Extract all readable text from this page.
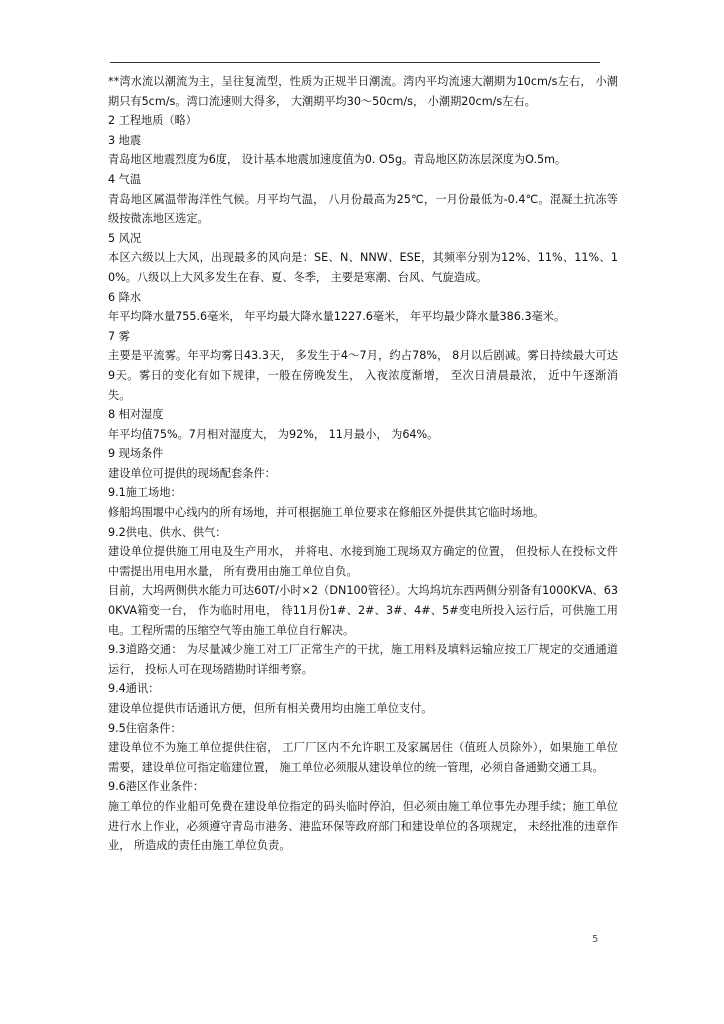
**湾水流以潮流为主，呈往复流型，性质为正规半日潮流。湾内平均流速大潮期为10cm/s左右， 小潮期只有5cm/s。湾口流速则大得多， 大潮期平均30～50cm/s， 小潮期20cm/s左右。

2 工程地质（略）

3 地震

青岛地区地震烈度为6度， 设计基本地震加速度值为0. O5g。青岛地区防冻层深度为O.5m。

4 气温

青岛地区属温带海洋性气候。月平均气温， 八月份最高为25℃，一月份最低为-0.4℃。混凝土抗冻等级按微冻地区选定。

5 风况

本区六级以上大风，出现最多的风向是：SE、N、NNW、ESE，其频率分别为12%、11%、11%、10%。八级以上大风多发生在春、夏、冬季， 主要是寒潮、台风、气旋造成。

6 降水

年平均降水量755.6毫米， 年平均最大降水量1227.6毫米， 年平均最少降水量386.3毫米。

7 雾

主要是平流雾。年平均雾日43.3天， 多发生于4～7月，约占78%， 8月以后剧减。雾日持续最大可达9天。雾日的变化有如下规律，一般在傍晚发生， 入夜浓度渐增， 至次日清晨最浓， 近中午逐渐消失。

8 相对湿度

年平均值75%。7月相对湿度大， 为92%， 11月最小， 为64%。

9 现场条件

建设单位可提供的现场配套条件：

9.1施工场地：

修船坞围堰中心线内的所有场地，并可根据施工单位要求在修船区外提供其它临时场地。

9.2供电、供水、供气：

建设单位提供施工用电及生产用水， 并将电、水接到施工现场双方确定的位置， 但投标人在投标文件中需提出用电用水量， 所有费用由施工单位自负。

目前，大坞两侧供水能力可达60T/小时×2（DN100管径）。大坞坞坑东西两侧分别备有1000KVA、630KVA箱变一台， 作为临时用电， 待11月份1#、2#、3#、4#、5#变电所投入运行后，可供施工用电。工程所需的压缩空气等由施工单位自行解决。

9.3道路交通： 为尽量减少施工对工厂正常生产的干扰，施工用料及填料运输应按工厂规定的交通通道运行， 投标人可在现场踏勘时详细考察。

9.4通讯：

建设单位提供市话通讯方便，但所有相关费用均由施工单位支付。

9.5住宿条件：

建设单位不为施工单位提供住宿， 工厂厂区内不允许职工及家属居住（值班人员除外），如果施工单位需要，建设单位可指定临建位置， 施工单位必须服从建设单位的统一管理，必须自备通勤交通工具。

9.6港区作业条件：

施工单位的作业船可免费在建设单位指定的码头临时停泊，但必须由施工单位事先办理手续；施工单位进行水上作业，必须遵守青岛市港务、港监环保等政府部门和建设单位的各项规定， 未经批准的违章作业， 所造成的责任由施工单位负责。

5
